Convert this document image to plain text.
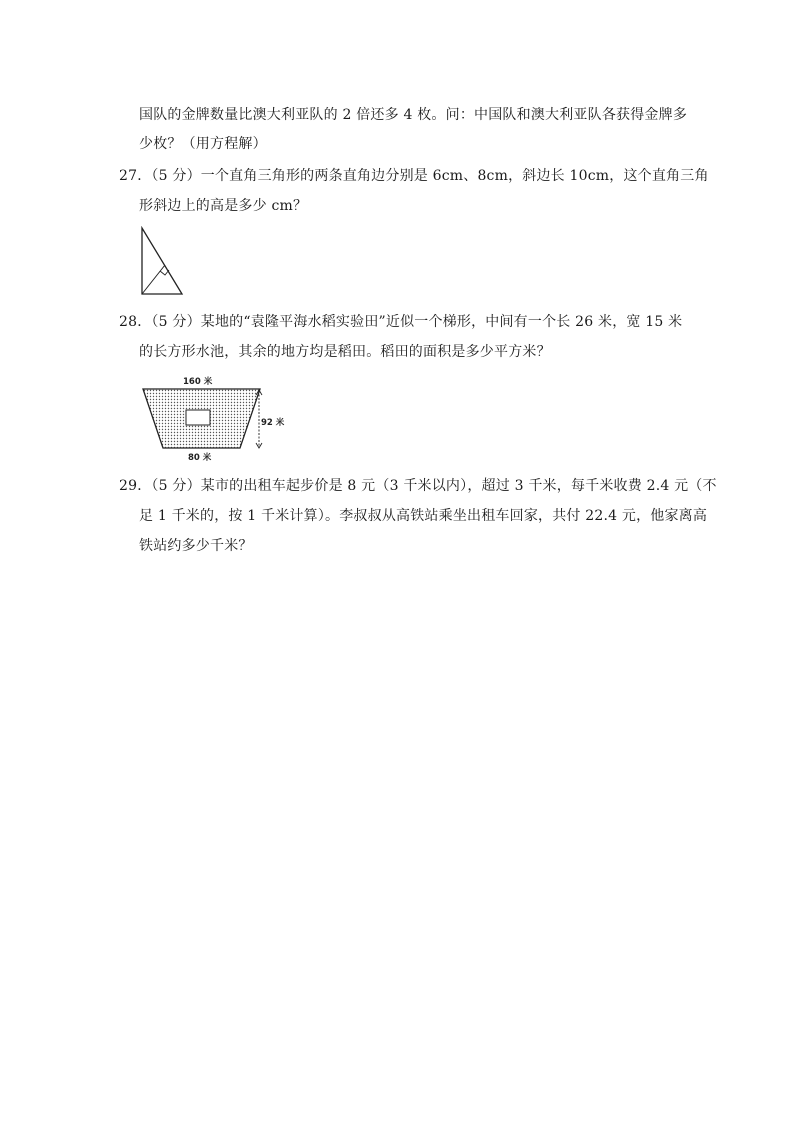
国队的金牌数量比澳大利亚队的 2 倍还多 4 枚。问：中国队和澳大利亚队各获得金牌多
少枚？（用方程解）
27．（5 分）一个直角三角形的两条直角边分别是 6cm、8cm，斜边长 10cm，这个直角三角
形斜边上的高是多少 cm？
28．（5 分）某地的“袁隆平海水稻实验田”近似一个梯形，中间有一个长 26 米，宽 15 米
的长方形水池，其余的地方均是稻田。稻田的面积是多少平方米？
160 米
92 米
80 米
29．（5 分）某市的出租车起步价是 8 元（3 千米以内），超过 3 千米，每千米收费 2.4 元（不
足 1 千米的，按 1 千米计算）。李叔叔从高铁站乘坐出租车回家，共付 22.4 元，他家离高
铁站约多少千米？
